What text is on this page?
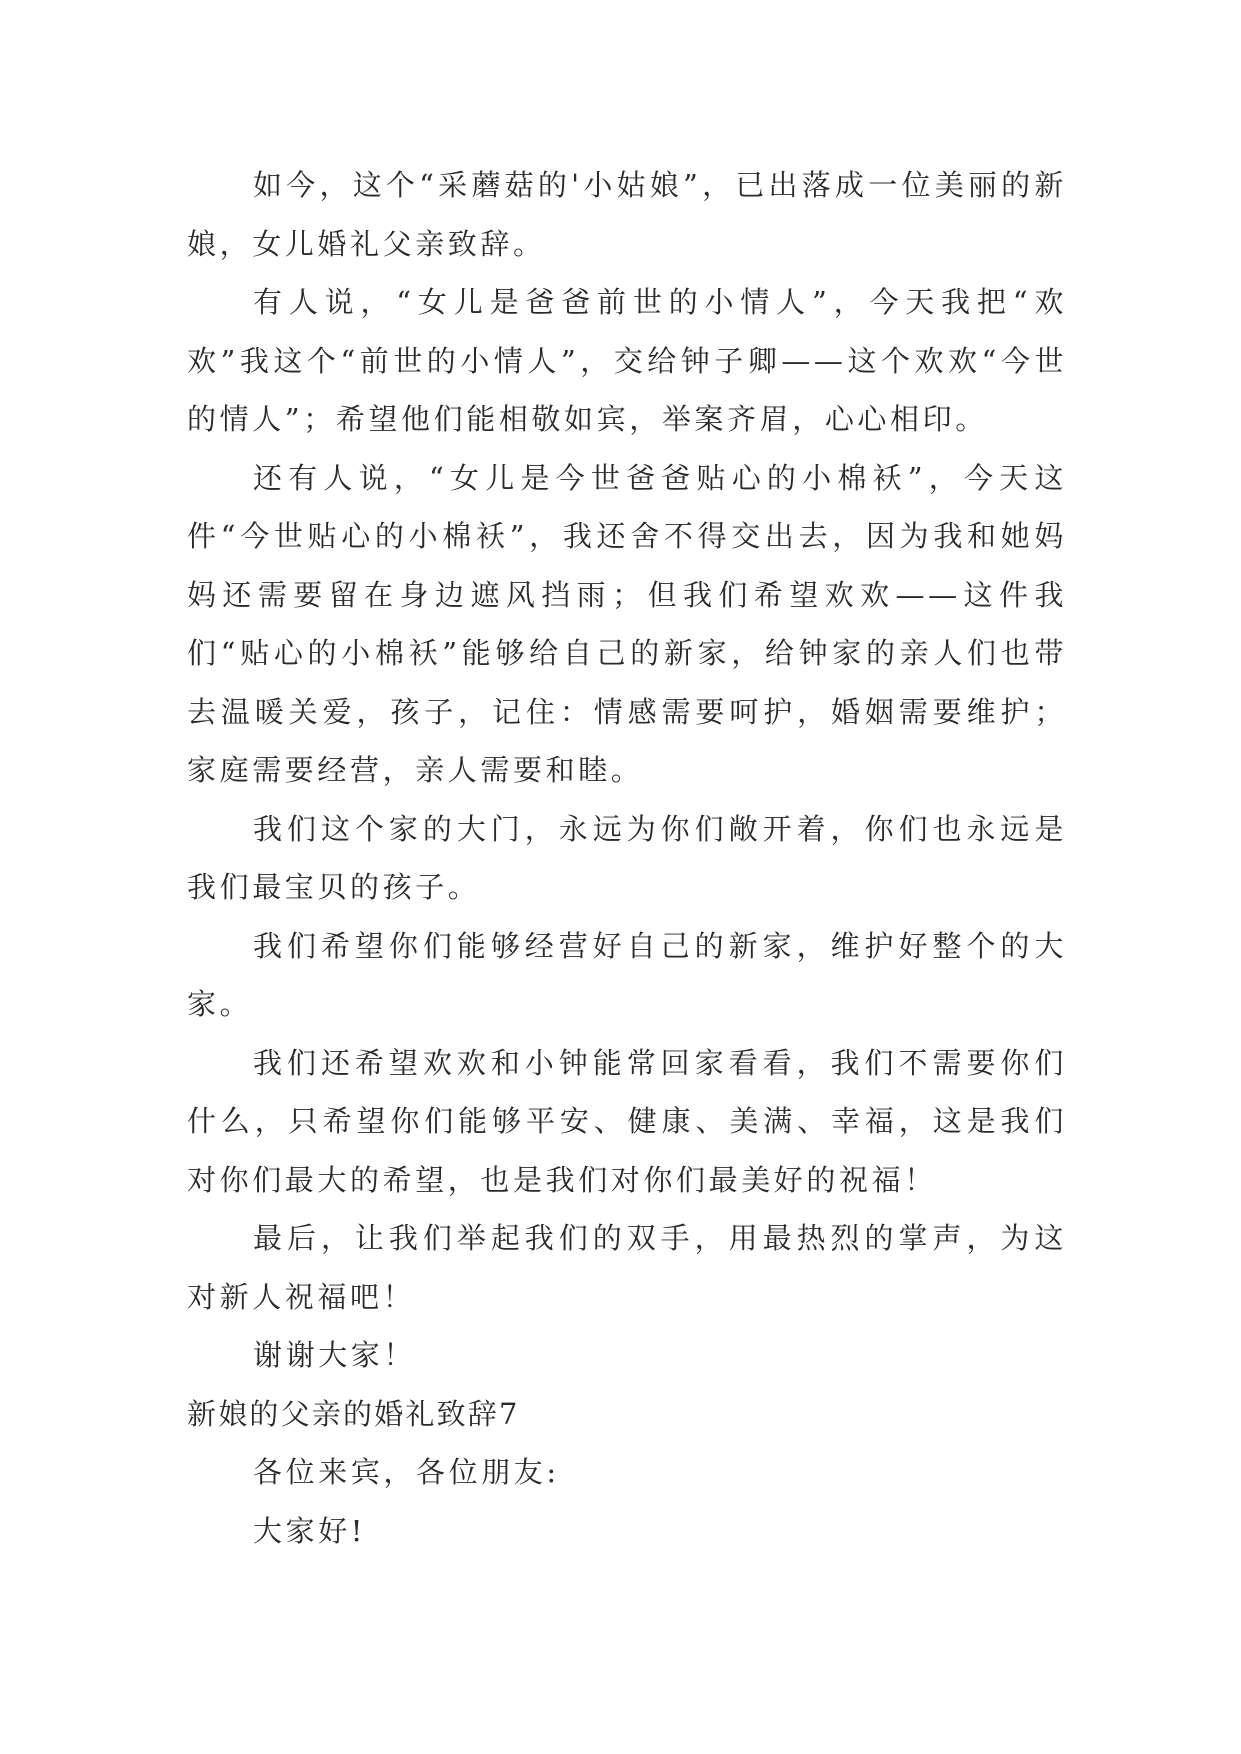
如今，这个“采蘑菇的'小姑娘”，已出落成一位美丽的新娘，女儿婚礼父亲致辞。

有人说，“女儿是爸爸前世的小情人”，今天我把“欢欢”我这个“前世的小情人”，交给钟子卿——这个欢欢“今世的情人”；希望他们能相敬如宾，举案齐眉，心心相印。

还有人说，“女儿是今世爸爸贴心的小棉袄”，今天这件“今世贴心的小棉袄”，我还舍不得交出去，因为我和她妈妈还需要留在身边遮风挡雨；但我们希望欢欢——这件我们“贴心的小棉袄”能够给自己的新家，给钟家的亲人们也带去温暖关爱，孩子，记住：情感需要呵护，婚姻需要维护；家庭需要经营，亲人需要和睦。

我们这个家的大门，永远为你们敞开着，你们也永远是我们最宝贝的孩子。

我们希望你们能够经营好自己的新家，维护好整个的大家。

我们还希望欢欢和小钟能常回家看看，我们不需要你们什么，只希望你们能够平安、健康、美满、幸福，这是我们对你们最大的希望，也是我们对你们最美好的祝福！

最后，让我们举起我们的双手，用最热烈的掌声，为这对新人祝福吧！

谢谢大家！

新娘的父亲的婚礼致辞7

各位来宾，各位朋友:

大家好!
